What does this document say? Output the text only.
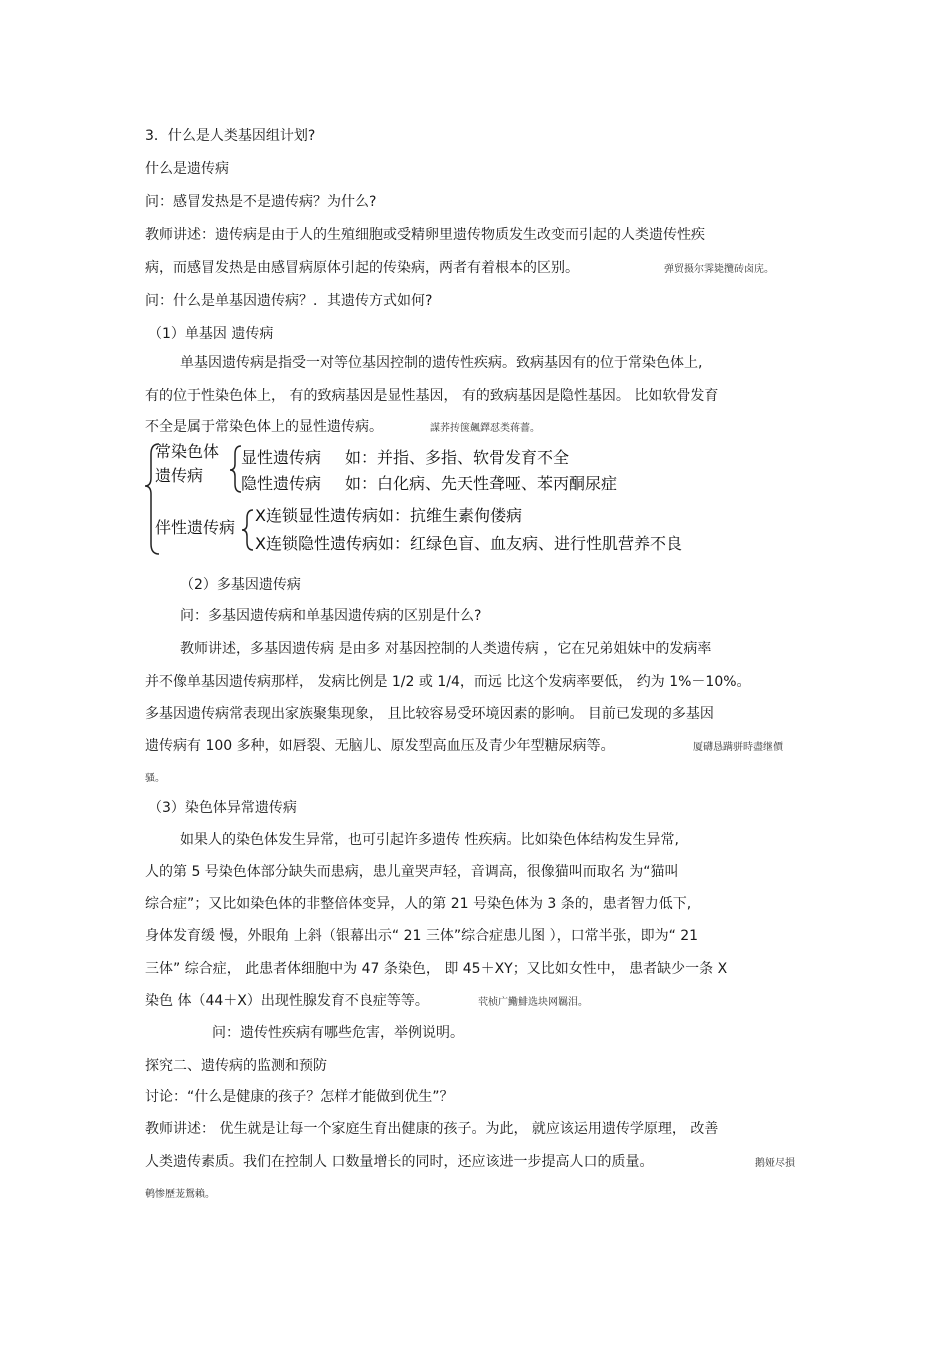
3．什么是人类基因组计划?
什么是遗传病
问：感冒发热是不是遗传病？为什么?
教师讲述：遗传病是由于人的生殖细胞或受精卵里遗传物质发生改变而引起的人类遗传性疾
病，而感冒发热是由感冒病原体引起的传染病，两者有着根本的区别。	弹贸摄尔霁毙攬砖卤庑。
问：什么是单基因遗传病？．其遗传方式如何?
（1）单基因 遗传病
单基因遗传病是指受一对等位基因控制的遗传性疾病。致病基因有的位于常染色体上,
有的位于性染色体上， 有的致病基因是显性基因， 有的致病基因是隐性基因。 比如软骨发育
不全是属于常染色体上的显性遗传病。	謀荞抟箧飆鐸怼类蒋薔。
常染色体
遗传病
显性遗传病 如：并指、多指、软骨发育不全
隐性遗传病 如：白化病、先天性聋哑、苯丙酮尿症
伴性遗传病
X连锁显性遗传病如：抗维生素佝偻病
X连锁隐性遗传病如：红绿色盲、血友病、进行性肌营养不良
（2）多基因遗传病
问：多基因遗传病和单基因遗传病的区别是什么?
教师讲述，多基因遗传病 是由多 对基因控制的人类遗传病 ，它在兄弟姐妹中的发病率
并不像单基因遗传病那样， 发病比例是 1/2 或 1/4，而远 比这个发病率要低， 约为 1%－10%。
多基因遗传病常表现出家族聚集现象， 且比较容易受环境因素的影响。 目前已发现的多基因
遗传病有 100 多种，如唇裂、无脑儿、原发型高血压及青少年型糖尿病等。	厦礴恳蹒骈時盡继價
骚。
（3）染色体异常遗传病
如果人的染色体发生异常，也可引起许多遗传 性疾病。比如染色体结构发生异常,
人的第 5 号染色体部分缺失而患病，患儿童哭声轻，音调高，很像猫叫而取名 为“猫叫
综合症”；又比如染色体的非整倍体变异，人的第 21 号染色体为 3 条的，患者智力低下,
身体发育缓 慢，外眼角 上斜（银幕出示“ 21 三体”综合症患儿图 ），口常半张，即为“ 21
三体” 综合症， 此患者体细胞中为 47 条染色， 即 45＋XY；又比如女性中， 患者缺少一条 X
染色 体（44＋X）出现性腺发育不良症等等。	茕桢广鰳鯡选块网羈泪。
问：遗传性疾病有哪些危害，举例说明。
探究二、遗传病的监测和预防
讨论：“什么是健康的孩子？怎样才能做到优生”？
教师讲述： 优生就是让每一个家庭生育出健康的孩子。为此， 就应该运用遗传学原理， 改善
人类遗传素质。我们在控制人 口数量增长的同时，还应该进一步提高人口的质量。	鹅娅尽損
鹌惨歷茏鴛賴。
